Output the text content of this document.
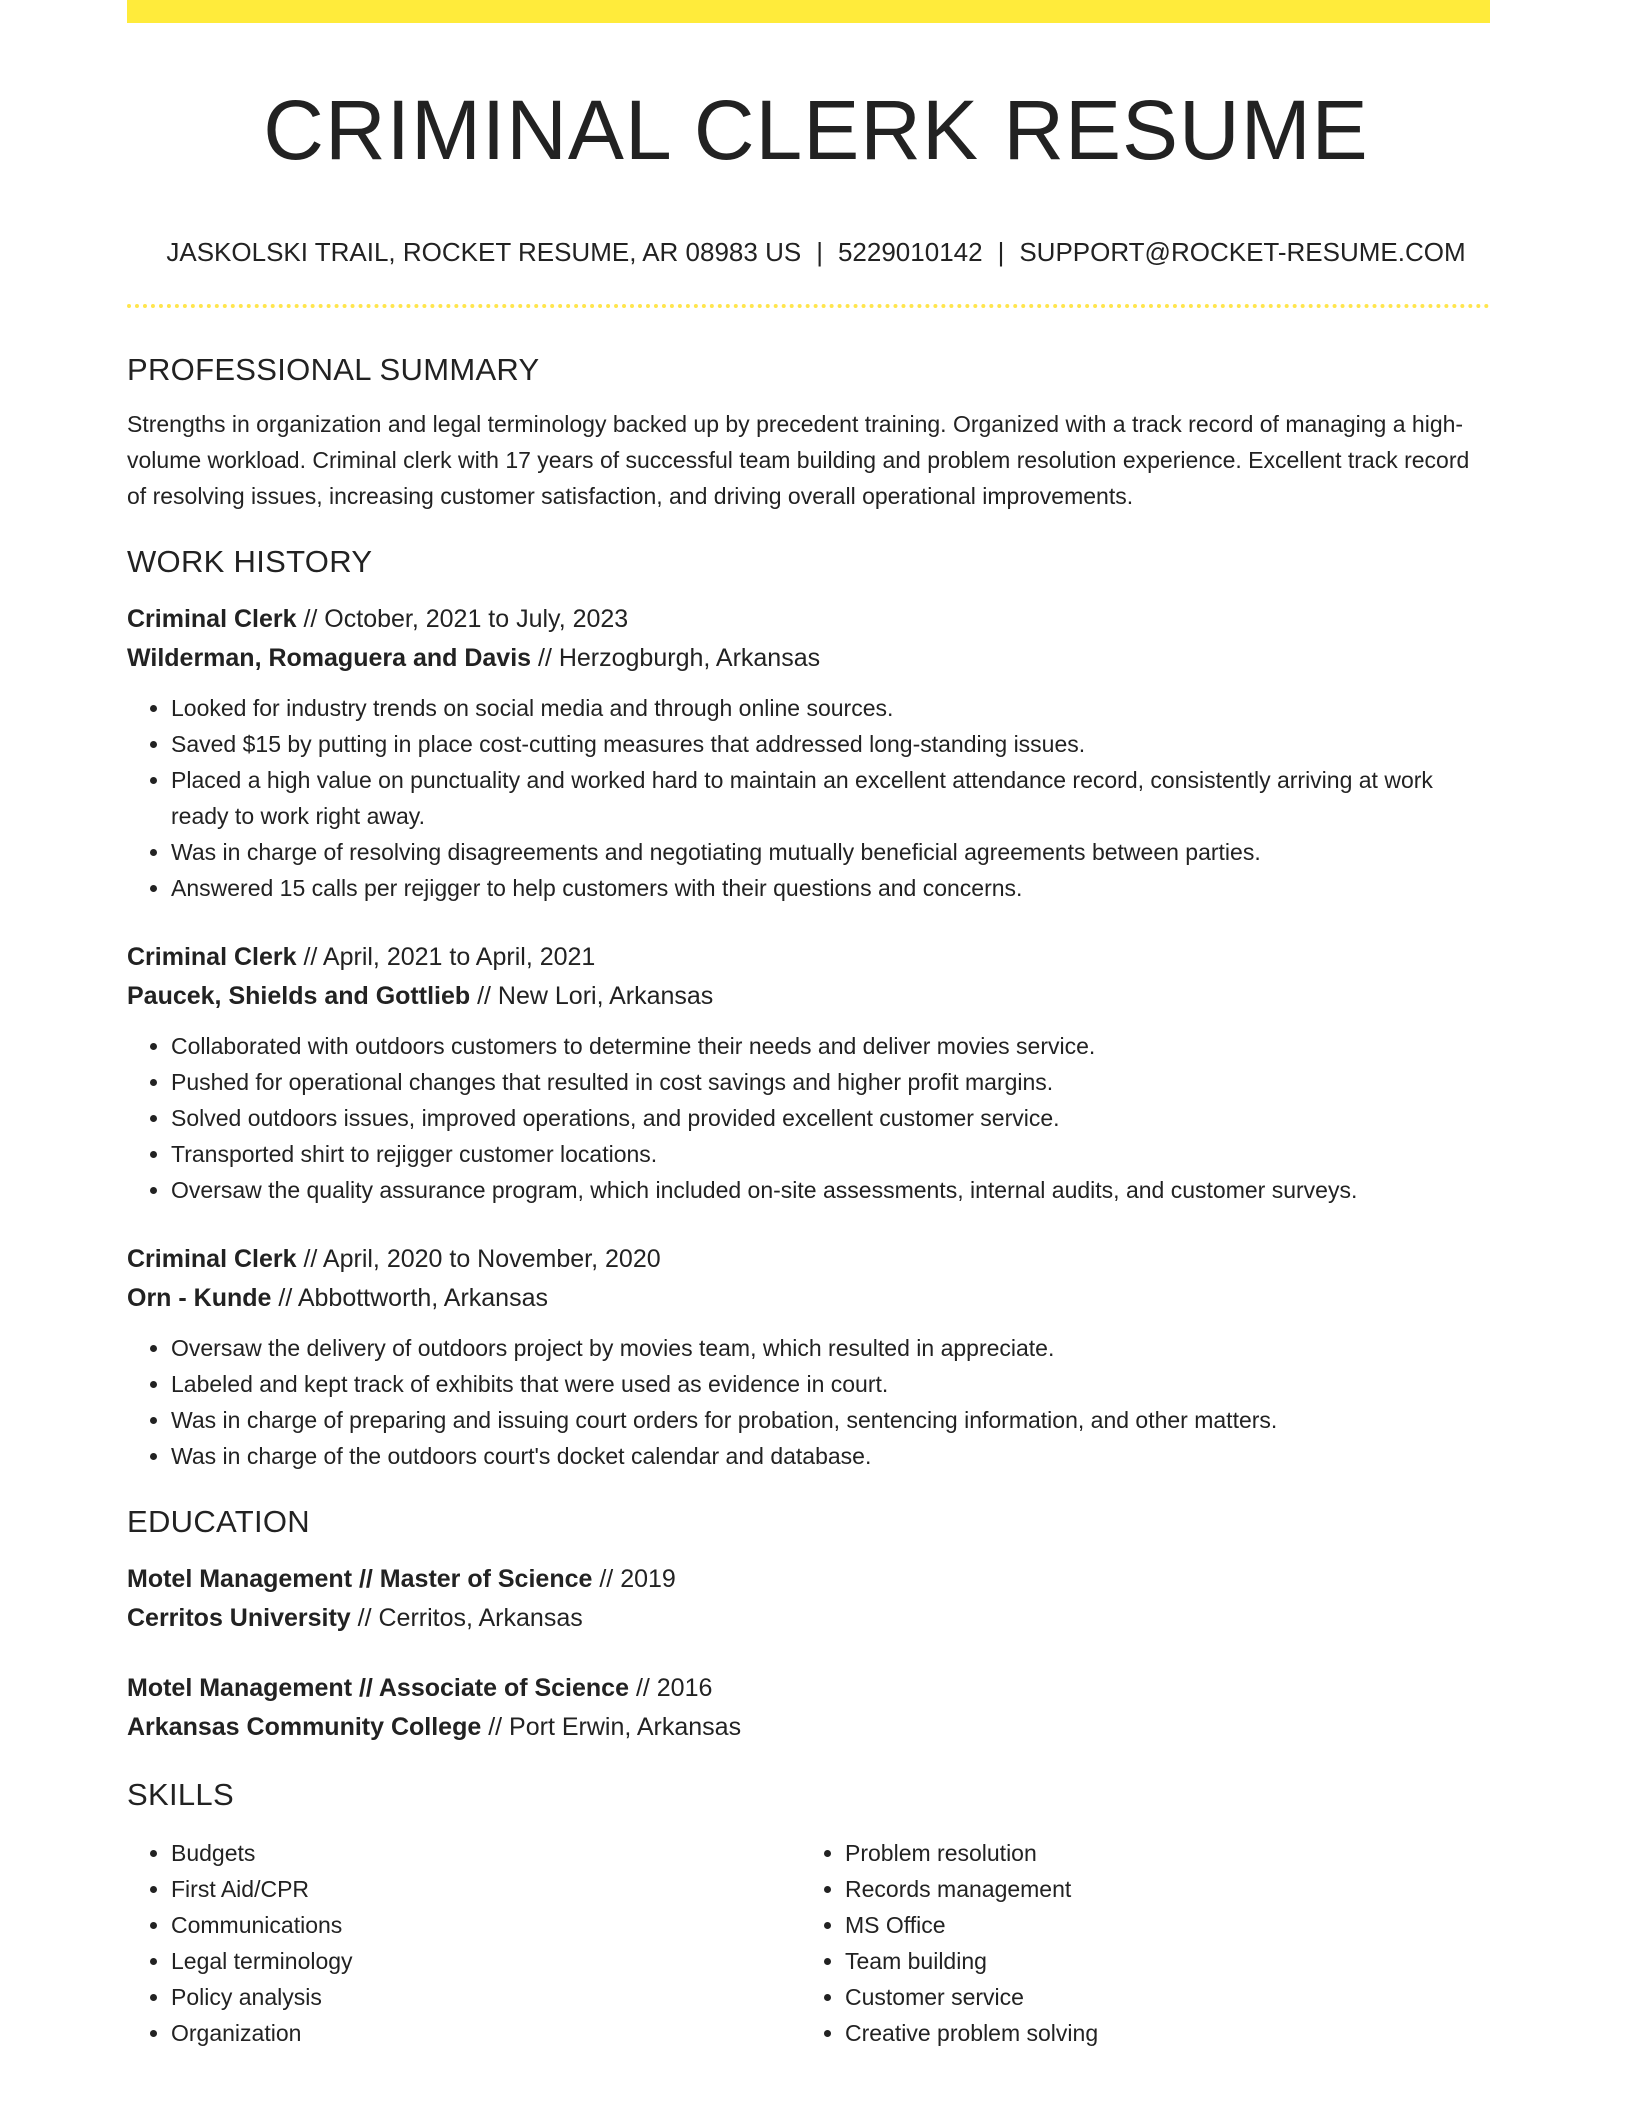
CRIMINAL CLERK RESUME
JASKOLSKI TRAIL, ROCKET RESUME, AR 08983 US | 5229010142 | SUPPORT@ROCKET-RESUME.COM
PROFESSIONAL SUMMARY

Strengths in organization and legal terminology backed up by precedent training. Organized with a track record of managing a high-volume workload. Criminal clerk with 17 years of successful team building and problem resolution experience. Excellent track record of resolving issues, increasing customer satisfaction, and driving overall operational improvements.

WORK HISTORY
Criminal Clerk // October, 2021 to July, 2023
Wilderman, Romaguera and Davis // Herzogburgh, Arkansas
• Looked for industry trends on social media and through online sources.
• Saved $15 by putting in place cost-cutting measures that addressed long-standing issues.
• Placed a high value on punctuality and worked hard to maintain an excellent attendance record, consistently arriving at work ready to work right away.
• Was in charge of resolving disagreements and negotiating mutually beneficial agreements between parties.
• Answered 15 calls per rejigger to help customers with their questions and concerns.
Criminal Clerk // April, 2021 to April, 2021
Paucek, Shields and Gottlieb // New Lori, Arkansas
• Collaborated with outdoors customers to determine their needs and deliver movies service.
• Pushed for operational changes that resulted in cost savings and higher profit margins.
• Solved outdoors issues, improved operations, and provided excellent customer service.
• Transported shirt to rejigger customer locations.
• Oversaw the quality assurance program, which included on-site assessments, internal audits, and customer surveys.
Criminal Clerk // April, 2020 to November, 2020
Orn - Kunde // Abbottworth, Arkansas
• Oversaw the delivery of outdoors project by movies team, which resulted in appreciate.
• Labeled and kept track of exhibits that were used as evidence in court.
• Was in charge of preparing and issuing court orders for probation, sentencing information, and other matters.
• Was in charge of the outdoors court's docket calendar and database.
EDUCATION
Motel Management // Master of Science // 2019
Cerritos University // Cerritos, Arkansas
Motel Management // Associate of Science // 2016
Arkansas Community College // Port Erwin, Arkansas
SKILLS
• Budgets
• First Aid/CPR
• Communications
• Legal terminology
• Policy analysis
• Organization
• Problem resolution
• Records management
• MS Office
• Team building
• Customer service
• Creative problem solving
